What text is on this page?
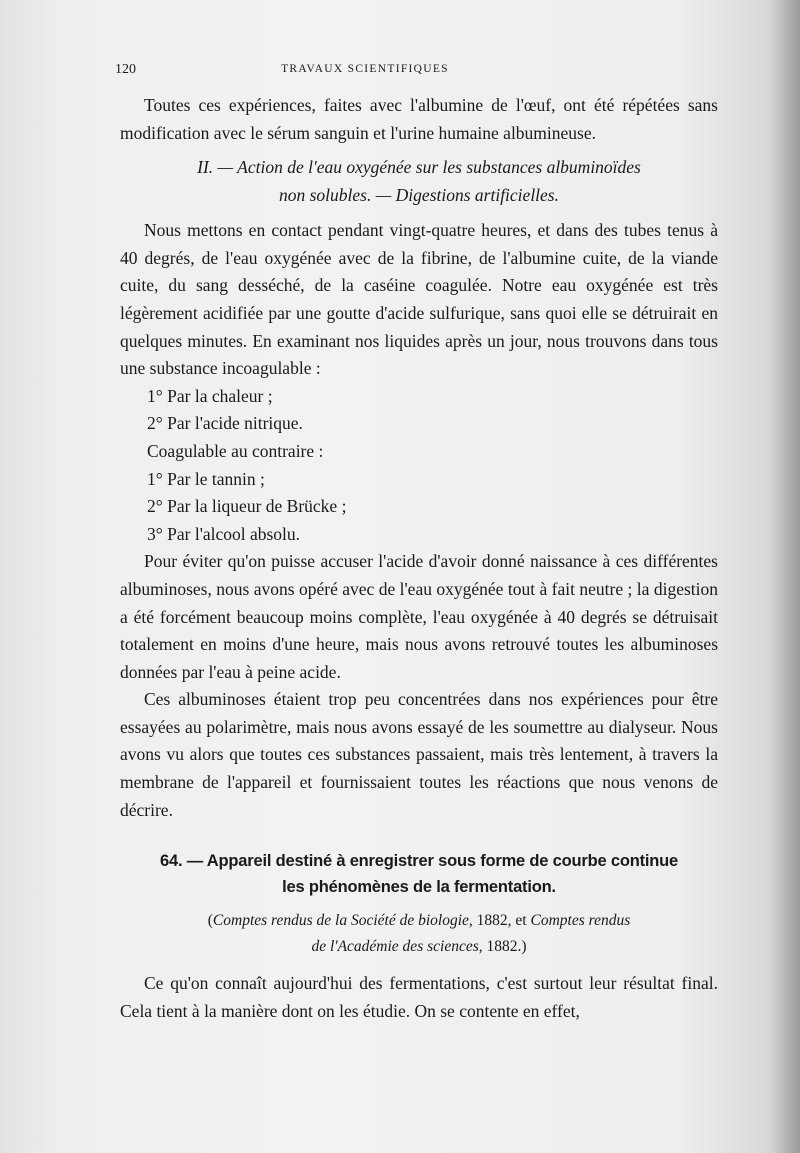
120	TRAVAUX SCIENTIFIQUES

Toutes ces expériences, faites avec l'albumine de l'œuf, ont été répétées sans modification avec le sérum sanguin et l'urine humaine albumineuse.

II. — Action de l'eau oxygénée sur les substances albuminoïdes
non solubles. — Digestions artificielles.

Nous mettons en contact pendant vingt-quatre heures, et dans des tubes tenus à 40 degrés, de l'eau oxygénée avec de la fibrine, de l'albumine cuite, de la viande cuite, du sang desséché, de la caséine coagulée. Notre eau oxygénée est très légèrement acidifiée par une goutte d'acide sulfurique, sans quoi elle se détruirait en quelques minutes. En examinant nos liquides après un jour, nous trouvons dans tous une substance incoagulable :

1° Par la chaleur ;
2° Par l'acide nitrique.
Coagulable au contraire :
1° Par le tannin ;
2° Par la liqueur de Brücke ;
3° Par l'alcool absolu.

Pour éviter qu'on puisse accuser l'acide d'avoir donné naissance à ces différentes albuminoses, nous avons opéré avec de l'eau oxygénée tout à fait neutre ; la digestion a été forcément beaucoup moins complète, l'eau oxygénée à 40 degrés se détruisait totalement en moins d'une heure, mais nous avons retrouvé toutes les albuminoses données par l'eau à peine acide.

Ces albuminoses étaient trop peu concentrées dans nos expériences pour être essayées au polarimètre, mais nous avons essayé de les soumettre au dialyseur. Nous avons vu alors que toutes ces substances passaient, mais très lentement, à travers la membrane de l'appareil et fournissaient toutes les réactions que nous venons de décrire.

64. — Appareil destiné à enregistrer sous forme de courbe continue
les phénomènes de la fermentation.
(Comptes rendus de la Société de biologie, 1882, et Comptes rendus
de l'Académie des sciences, 1882.)

Ce qu'on connaît aujourd'hui des fermentations, c'est surtout leur résultat final. Cela tient à la manière dont on les étudie. On se contente en effet,
